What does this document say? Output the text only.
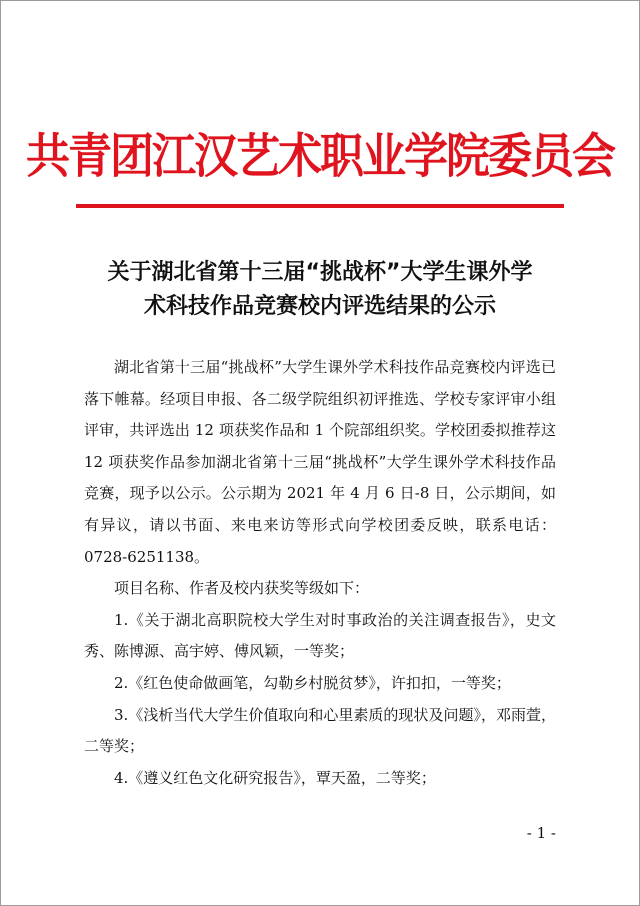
共青团江汉艺术职业学院委员会
关于湖北省第十三届“挑战杯”大学生课外学
术科技作品竞赛校内评选结果的公示

湖北省第十三届“挑战杯”大学生课外学术科技作品竞赛校内评选已落下帷幕。经项目申报、各二级学院组织初评推选、学校专家评审小组评审，共评选出 12 项获奖作品和 1 个院部组织奖。学校团委拟推荐这 12 项获奖作品参加湖北省第十三届“挑战杯”大学生课外学术科技作品竞赛，现予以公示。公示期为 2021 年 4 月 6 日-8 日，公示期间，如有异议，请以书面、来电来访等形式向学校团委反映，联系电话：0728-6251138。

项目名称、作者及校内获奖等级如下：

1.《关于湖北高职院校大学生对时事政治的关注调查报告》，史文秀、陈博源、高宇婷、傅风颖，一等奖；

2.《红色使命做画笔，勾勒乡村脱贫梦》，许扣扣，一等奖；

3.《浅析当代大学生价值取向和心里素质的现状及问题》，邓雨萱，二等奖；

4.《遵义红色文化研究报告》，覃天盈，二等奖；

- 1 -
